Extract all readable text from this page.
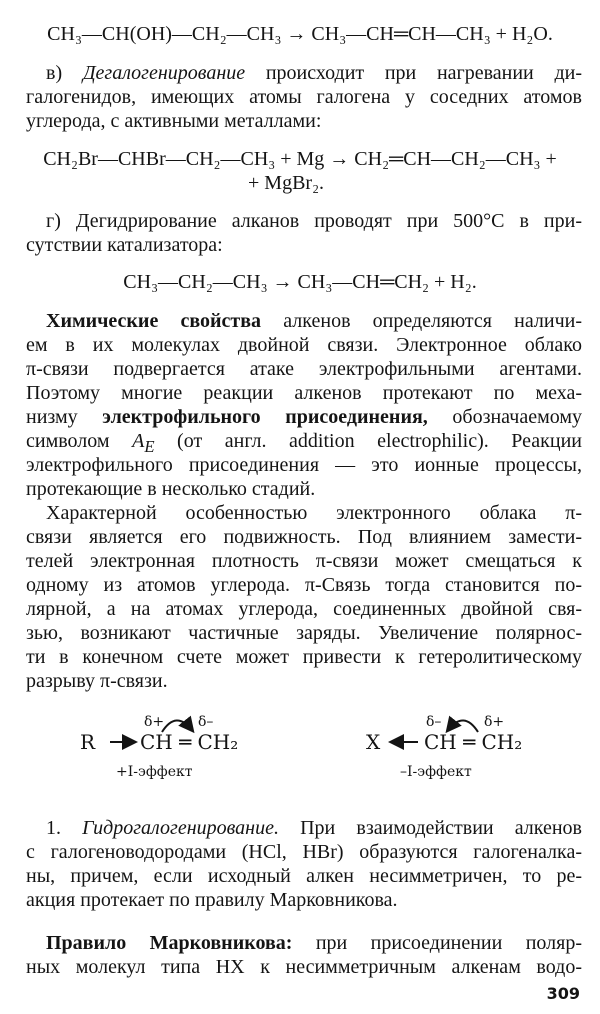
CH₃—CH(OH)—CH₂—CH₃ → CH₃—CH═CH—CH₃ + H₂O.
в) Дегалогенирование происходит при нагревании ди-
галогенидов, имеющих атомы галогена у соседних атомов
углерода, с активными металлами:
CH₂Br—CHBr—CH₂—CH₃ + Mg → CH₂═CH—CH₂—CH₃ +
+ MgBr₂.
г) Дегидрирование алканов проводят при 500°C в при-
сутствии катализатора:
CH₃—CH₂—CH₃ → CH₃—CH═CH₂ + H₂.
Химические свойства алкенов определяются наличи-
ем в их молекулах двойной связи. Электронное облако
π-связи подвергается атаке электрофильными агентами.
Поэтому многие реакции алкенов протекают по меха-
низму электрофильного присоединения, обозначаемому
символом $A_E$ (от англ. addition electrophilic). Реакции
электрофильного присоединения — это ионные процессы,
протекающие в несколько стадий.
Характерной особенностью электронного облака π-
связи является его подвижность. Под влиянием замести-
телей электронная плотность π-связи может смещаться к
одному из атомов углерода. π-Связь тогда становится по-
лярной, а на атомах углерода, соединенных двойной свя-
зью, возникают частичные заряды. Увеличение полярнос-
ти в конечном счете может привести к гетеролитическому
разрыву π-связи.
R CH ═ CH₂
δ+ δ–
+I-эффект
X CH ═ CH₂
δ–	δ+
–I-эффект
1. Гидрогалогенирование. При взаимодействии алкенов
с галогеноводородами (HCl, HBr) образуются галогеналка-
ны, причем, если исходный алкен несимметричен, то ре-
акция протекает по правилу Марковникова.
Правило Марковникова: при присоединении поляр-
ных молекул типа HX к несимметричным алкенам водо-
309
